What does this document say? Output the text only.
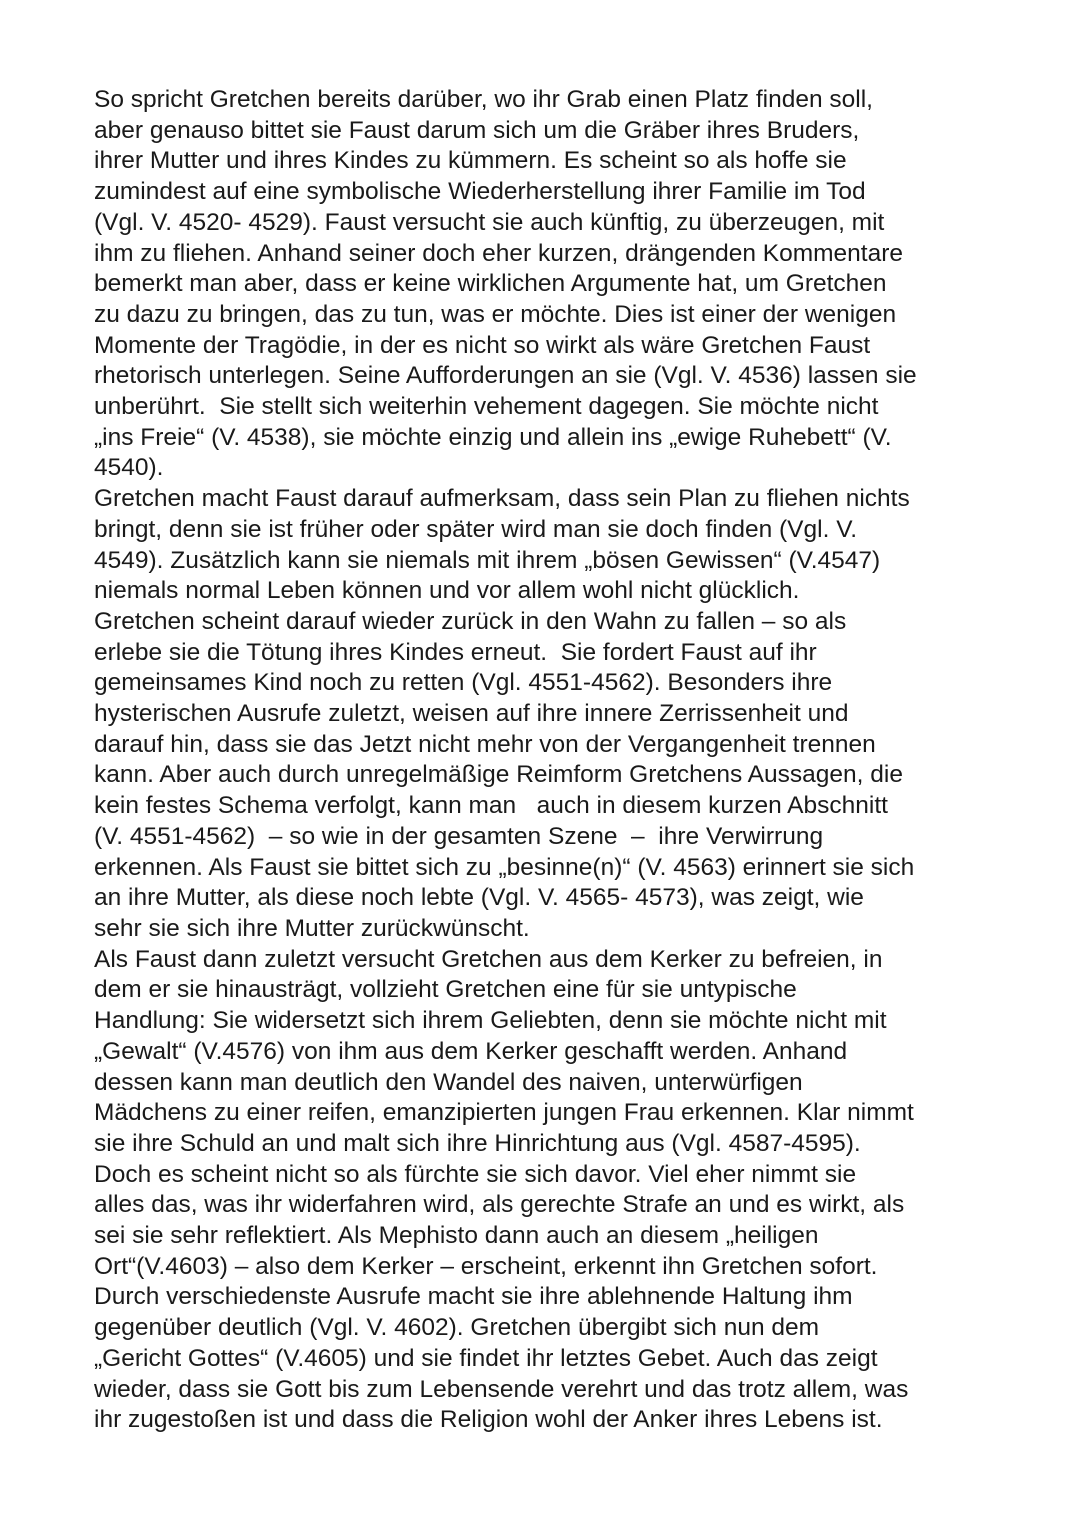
So spricht Gretchen bereits darüber, wo ihr Grab einen Platz finden soll,
aber genauso bittet sie Faust darum sich um die Gräber ihres Bruders,
ihrer Mutter und ihres Kindes zu kümmern. Es scheint so als hoffe sie
zumindest auf eine symbolische Wiederherstellung ihrer Familie im Tod
(Vgl. V. 4520- 4529). Faust versucht sie auch künftig, zu überzeugen, mit
ihm zu fliehen. Anhand seiner doch eher kurzen, drängenden Kommentare
bemerkt man aber, dass er keine wirklichen Argumente hat, um Gretchen
zu dazu zu bringen, das zu tun, was er möchte. Dies ist einer der wenigen
Momente der Tragödie, in der es nicht so wirkt als wäre Gretchen Faust
rhetorisch unterlegen. Seine Aufforderungen an sie (Vgl. V. 4536) lassen sie
unberührt.  Sie stellt sich weiterhin vehement dagegen. Sie möchte nicht
„ins Freie“ (V. 4538), sie möchte einzig und allein ins „ewige Ruhebett“ (V.
4540).
Gretchen macht Faust darauf aufmerksam, dass sein Plan zu fliehen nichts
bringt, denn sie ist früher oder später wird man sie doch finden (Vgl. V.
4549). Zusätzlich kann sie niemals mit ihrem „bösen Gewissen“ (V.4547)
niemals normal Leben können und vor allem wohl nicht glücklich.
Gretchen scheint darauf wieder zurück in den Wahn zu fallen – so als
erlebe sie die Tötung ihres Kindes erneut.  Sie fordert Faust auf ihr
gemeinsames Kind noch zu retten (Vgl. 4551-4562). Besonders ihre
hysterischen Ausrufe zuletzt, weisen auf ihre innere Zerrissenheit und
darauf hin, dass sie das Jetzt nicht mehr von der Vergangenheit trennen
kann. Aber auch durch unregelmäßige Reimform Gretchens Aussagen, die
kein festes Schema verfolgt, kann man   auch in diesem kurzen Abschnitt
(V. 4551-4562)  – so wie in der gesamten Szene  –  ihre Verwirrung
erkennen. Als Faust sie bittet sich zu „besinne(n)“ (V. 4563) erinnert sie sich
an ihre Mutter, als diese noch lebte (Vgl. V. 4565- 4573), was zeigt, wie
sehr sie sich ihre Mutter zurückwünscht.
Als Faust dann zuletzt versucht Gretchen aus dem Kerker zu befreien, in
dem er sie hinausträgt, vollzieht Gretchen eine für sie untypische
Handlung: Sie widersetzt sich ihrem Geliebten, denn sie möchte nicht mit
„Gewalt“ (V.4576) von ihm aus dem Kerker geschafft werden. Anhand
dessen kann man deutlich den Wandel des naiven, unterwürfigen
Mädchens zu einer reifen, emanzipierten jungen Frau erkennen. Klar nimmt
sie ihre Schuld an und malt sich ihre Hinrichtung aus (Vgl. 4587-4595).
Doch es scheint nicht so als fürchte sie sich davor. Viel eher nimmt sie
alles das, was ihr widerfahren wird, als gerechte Strafe an und es wirkt, als
sei sie sehr reflektiert. Als Mephisto dann auch an diesem „heiligen
Ort“(V.4603) – also dem Kerker – erscheint, erkennt ihn Gretchen sofort.
Durch verschiedenste Ausrufe macht sie ihre ablehnende Haltung ihm
gegenüber deutlich (Vgl. V. 4602). Gretchen übergibt sich nun dem
„Gericht Gottes“ (V.4605) und sie findet ihr letztes Gebet. Auch das zeigt
wieder, dass sie Gott bis zum Lebensende verehrt und das trotz allem, was
ihr zugestoßen ist und dass die Religion wohl der Anker ihres Lebens ist.
